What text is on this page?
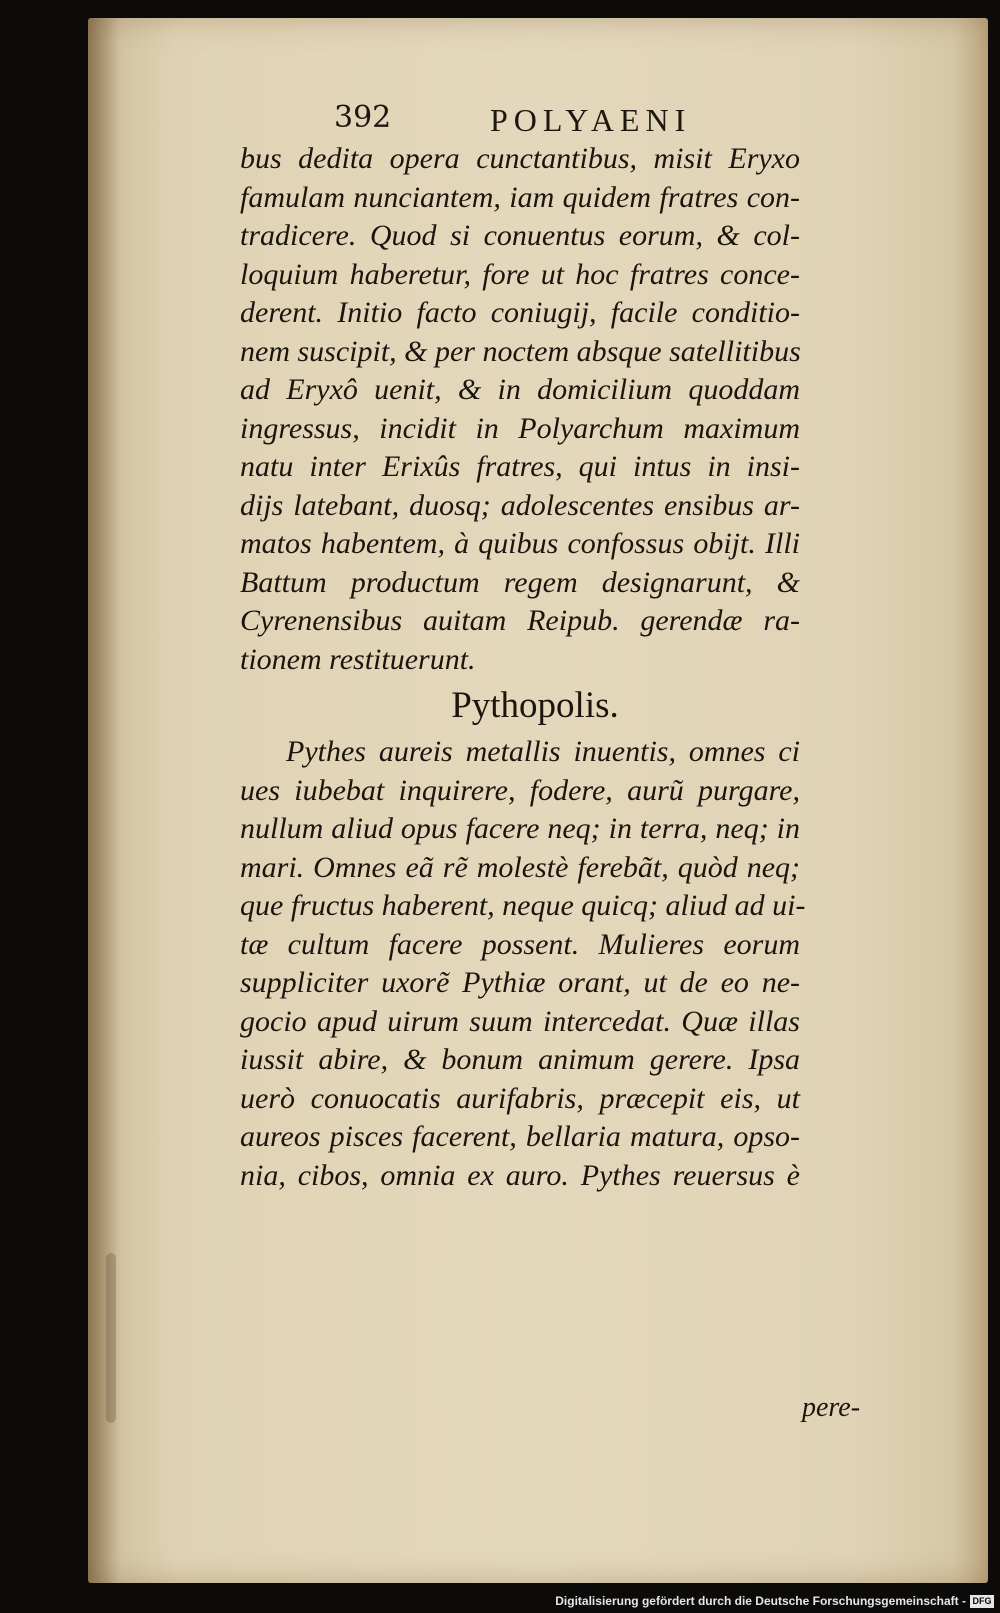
392	POLYAENI
bus dedita opera cunctantibus, misit Eryxo
famulam nunciantem, iam quidem fratres con-
tradicere. Quod si conuentus eorum, & col-
loquium haberetur, fore ut hoc fratres conce-
derent. Initio facto coniugij, facile conditio-
nem suscipit, & per noctem absque satellitibus
ad Eryxô uenit, & in domicilium quoddam
ingressus, incidit in Polyarchum maximum
natu inter Erixûs fratres, qui intus in insi-
dijs latebant, duosq; adolescentes ensibus ar-
matos habentem, à quibus confossus obijt. Illi
Battum productum regem designarunt, &
Cyrenensibus auitam Reipub. gerendæ ra-
tionem restituerunt.
Pythopolis.
Pythes aureis metallis inuentis, omnes ci
ues iubebat inquirere, fodere, aurũ purgare,
nullum aliud opus facere neq; in terra, neq; in
mari. Omnes eã rẽ molestè ferebãt, quòd neq;
que fructus haberent, neque quicq; aliud ad ui-
tæ cultum facere possent. Mulieres eorum
suppliciter uxorẽ Pythiæ orant, ut de eo ne-
gocio apud uirum suum intercedat. Quæ illas
iussit abire, & bonum animum gerere. Ipsa
uerò conuocatis aurifabris, præcepit eis, ut
aureos pisces facerent, bellaria matura, opso-
nia, cibos, omnia ex auro. Pythes reuersus è
pere-
Digitalisierung gefördert durch die Deutsche Forschungsgemeinschaft - DFG
